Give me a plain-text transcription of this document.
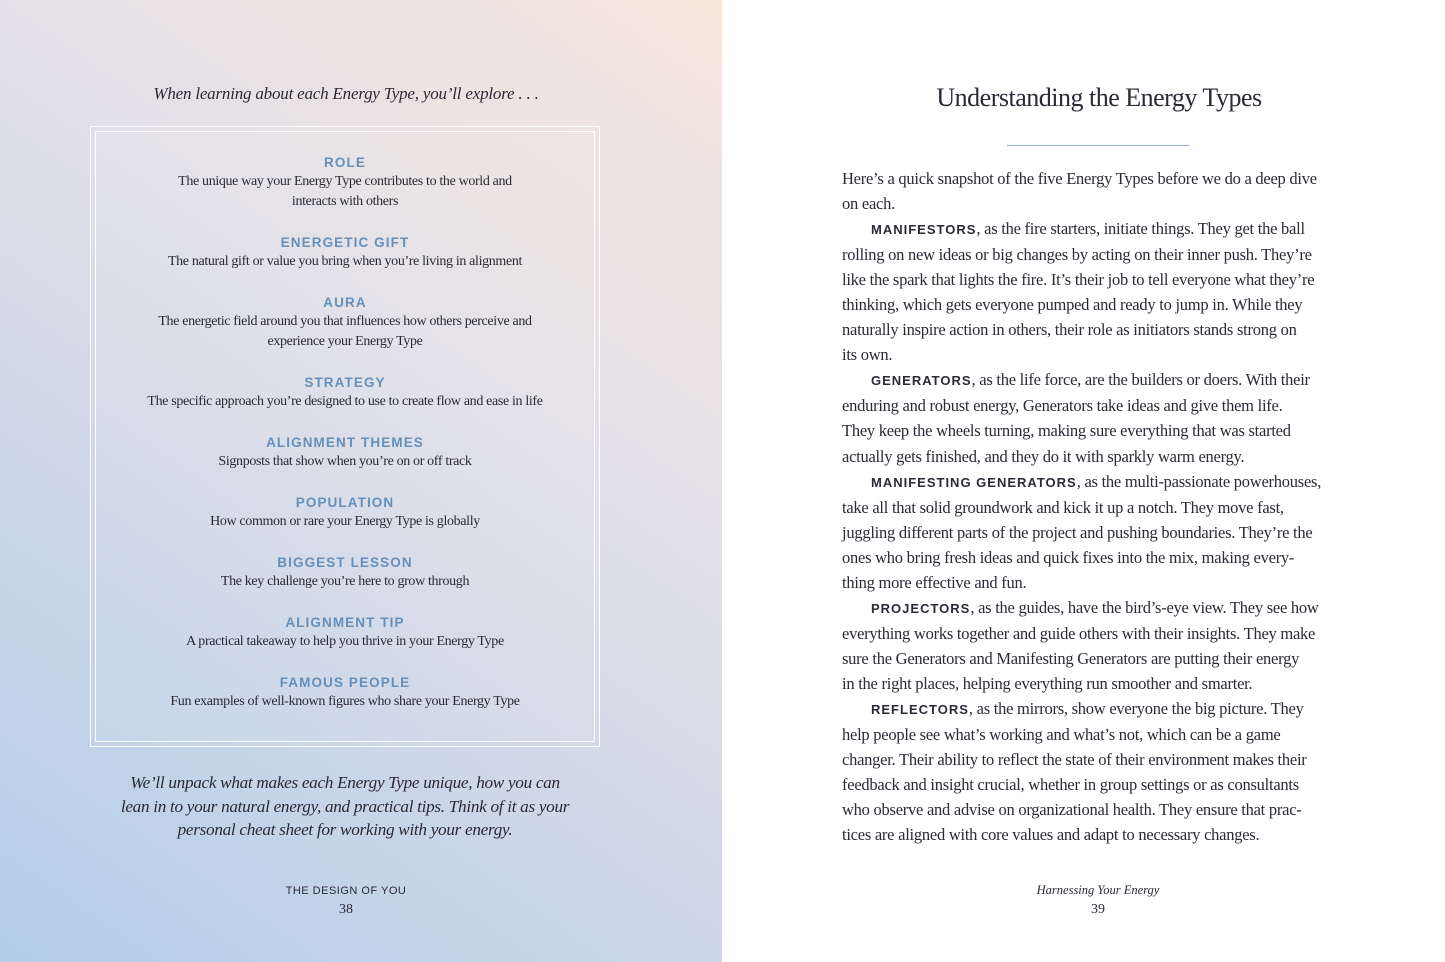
When learning about each Energy Type, you’ll explore . . .
ROLE
The unique way your Energy Type contributes to the world and
interacts with others
ENERGETIC GIFT
The natural gift or value you bring when you’re living in alignment
AURA
The energetic field around you that influences how others perceive and
experience your Energy Type
STRATEGY
The specific approach you’re designed to use to create flow and ease in life
ALIGNMENT THEMES
Signposts that show when you’re on or off track
POPULATION
How common or rare your Energy Type is globally
BIGGEST LESSON
The key challenge you’re here to grow through
ALIGNMENT TIP
A practical takeaway to help you thrive in your Energy Type
FAMOUS PEOPLE
Fun examples of well-known figures who share your Energy Type
We’ll unpack what makes each Energy Type unique, how you can
lean in to your natural energy, and practical tips. Think of it as your
personal cheat sheet for working with your energy.
THE DESIGN OF YOU
38
Understanding the Energy Types

Here’s a quick snapshot of the five Energy Types before we do a deep dive
on each.

MANIFESTORS, as the fire starters, initiate things. They get the ball
rolling on new ideas or big changes by acting on their inner push. They’re
like the spark that lights the fire. It’s their job to tell everyone what they’re
thinking, which gets everyone pumped and ready to jump in. While they
naturally inspire action in others, their role as initiators stands strong on
its own.

GENERATORS, as the life force, are the builders or doers. With their
enduring and robust energy, Generators take ideas and give them life.
They keep the wheels turning, making sure everything that was started
actually gets finished, and they do it with sparkly warm energy.

MANIFESTING GENERATORS, as the multi-passionate powerhouses,
take all that solid groundwork and kick it up a notch. They move fast,
juggling different parts of the project and pushing boundaries. They’re the
ones who bring fresh ideas and quick fixes into the mix, making every-
thing more effective and fun.

PROJECTORS, as the guides, have the bird’s-eye view. They see how
everything works together and guide others with their insights. They make
sure the Generators and Manifesting Generators are putting their energy
in the right places, helping everything run smoother and smarter.

REFLECTORS, as the mirrors, show everyone the big picture. They
help people see what’s working and what’s not, which can be a game
changer. Their ability to reflect the state of their environment makes their
feedback and insight crucial, whether in group settings or as consultants
who observe and advise on organizational health. They ensure that prac-
tices are aligned with core values and adapt to necessary changes.

Harnessing Your Energy
39
